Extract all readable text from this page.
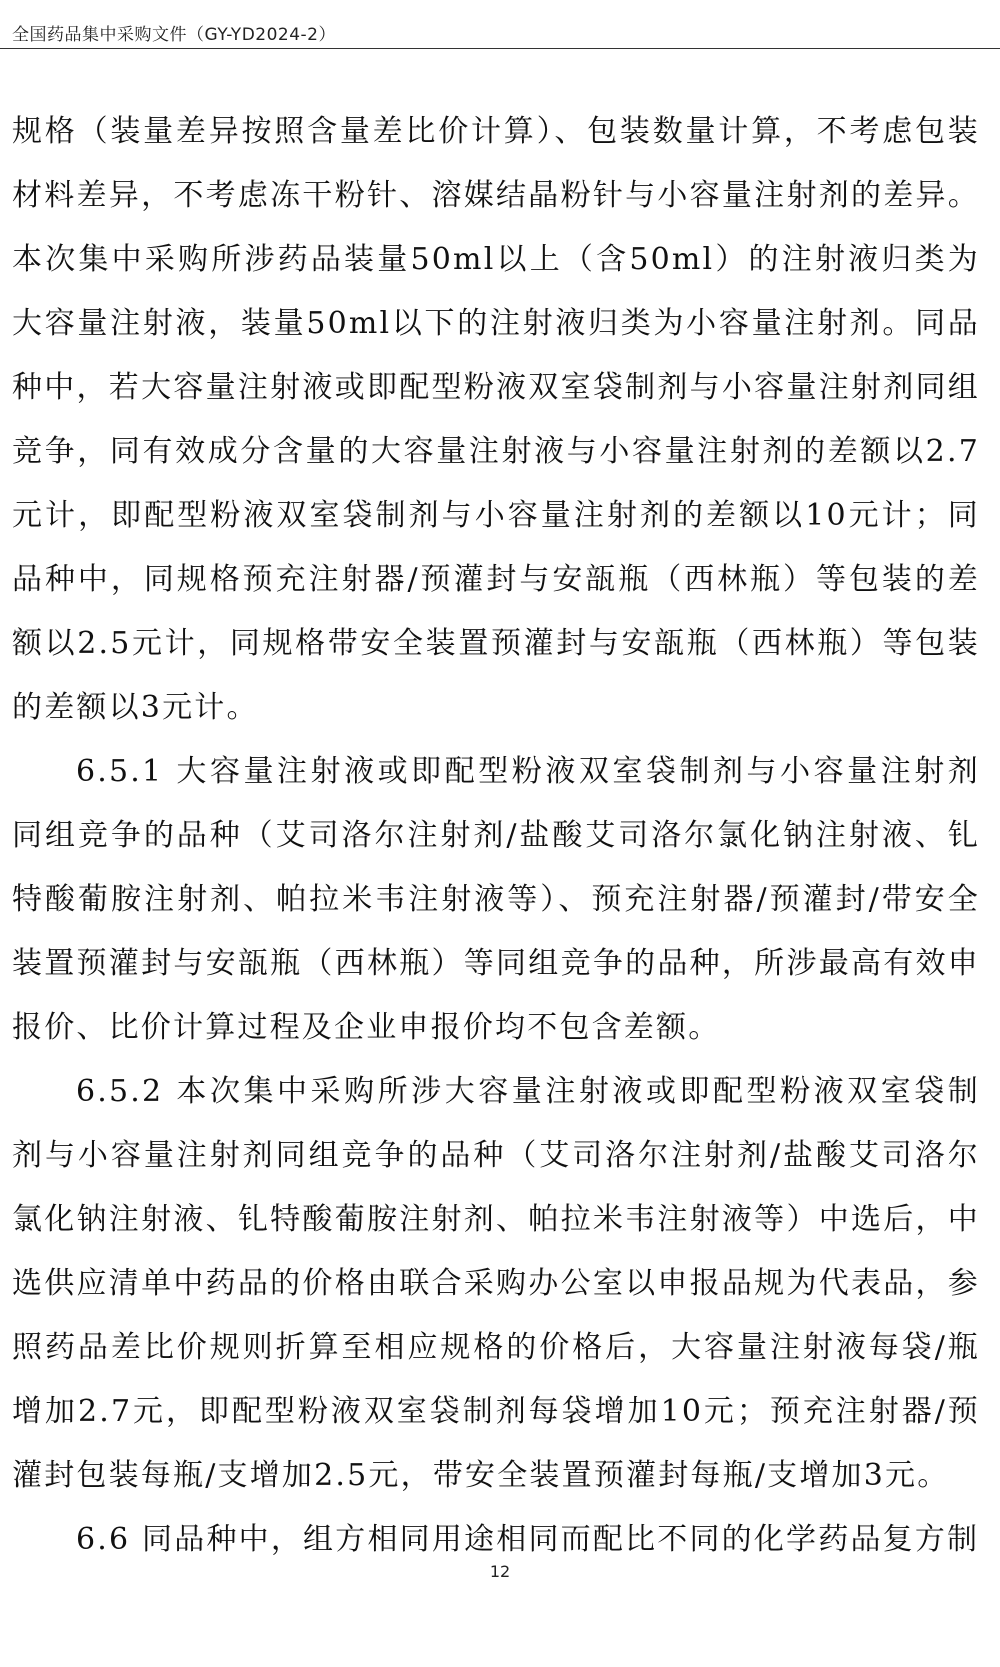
全国药品集中采购文件（GY-YD2024-2）

规格（装量差异按照含量差比价计算）、包装数量计算，不考虑包装材料差异，不考虑冻干粉针、溶媒结晶粉针与小容量注射剂的差异。本次集中采购所涉药品装量50ml以上（含50ml）的注射液归类为大容量注射液，装量50ml以下的注射液归类为小容量注射剂。同品种中，若大容量注射液或即配型粉液双室袋制剂与小容量注射剂同组竞争，同有效成分含量的大容量注射液与小容量注射剂的差额以2.7元计，即配型粉液双室袋制剂与小容量注射剂的差额以10元计；同品种中，同规格预充注射器/预灌封与安瓿瓶（西林瓶）等包装的差额以2.5元计，同规格带安全装置预灌封与安瓿瓶（西林瓶）等包装的差额以3元计。

6.5.1 大容量注射液或即配型粉液双室袋制剂与小容量注射剂同组竞争的品种（艾司洛尔注射剂/盐酸艾司洛尔氯化钠注射液、钆特酸葡胺注射剂、帕拉米韦注射液等）、预充注射器/预灌封/带安全装置预灌封与安瓿瓶（西林瓶）等同组竞争的品种，所涉最高有效申报价、比价计算过程及企业申报价均不包含差额。

6.5.2 本次集中采购所涉大容量注射液或即配型粉液双室袋制剂与小容量注射剂同组竞争的品种（艾司洛尔注射剂/盐酸艾司洛尔氯化钠注射液、钆特酸葡胺注射剂、帕拉米韦注射液等）中选后，中选供应清单中药品的价格由联合采购办公室以申报品规为代表品，参照药品差比价规则折算至相应规格的价格后，大容量注射液每袋/瓶增加2.7元，即配型粉液双室袋制剂每袋增加10元；预充注射器/预灌封包装每瓶/支增加2.5元，带安全装置预灌封每瓶/支增加3元。

6.6 同品种中，组方相同用途相同而配比不同的化学药品复方制

12
